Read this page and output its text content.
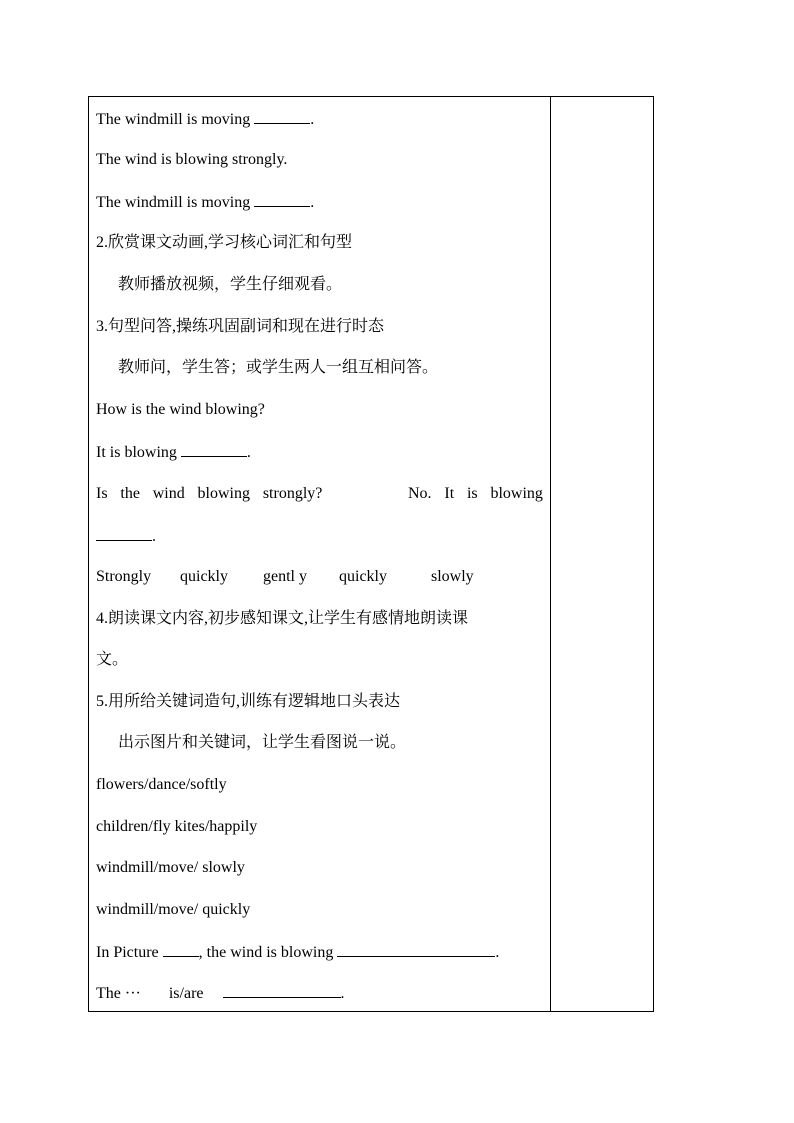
The windmill is moving	.
The wind is blowing strongly.
The windmill is moving	.
2.欣赏课文动画,学习核心词汇和句型
教师播放视频，学生仔细观看。
3.句型问答,操练巩固副词和现在进行时态
教师问，学生答；或学生两人一组互相问答。
How is the wind blowing?
It is blowing	.
Is the wind blowing strongly?	No. It is blowing
.
Strongly quickly gentl y quickly	slowly
4.朗读课文内容,初步感知课文,让学生有感情地朗读课
文。
5.用所给关键词造句,训练有逻辑地口头表达
出示图片和关键词，让学生看图说一说。
flowers/dance/softly
children/fly kites/happily
windmill/move/ slowly
windmill/move/ quickly
In Picture , the wind is blowing	.
The ··· is/are	.
